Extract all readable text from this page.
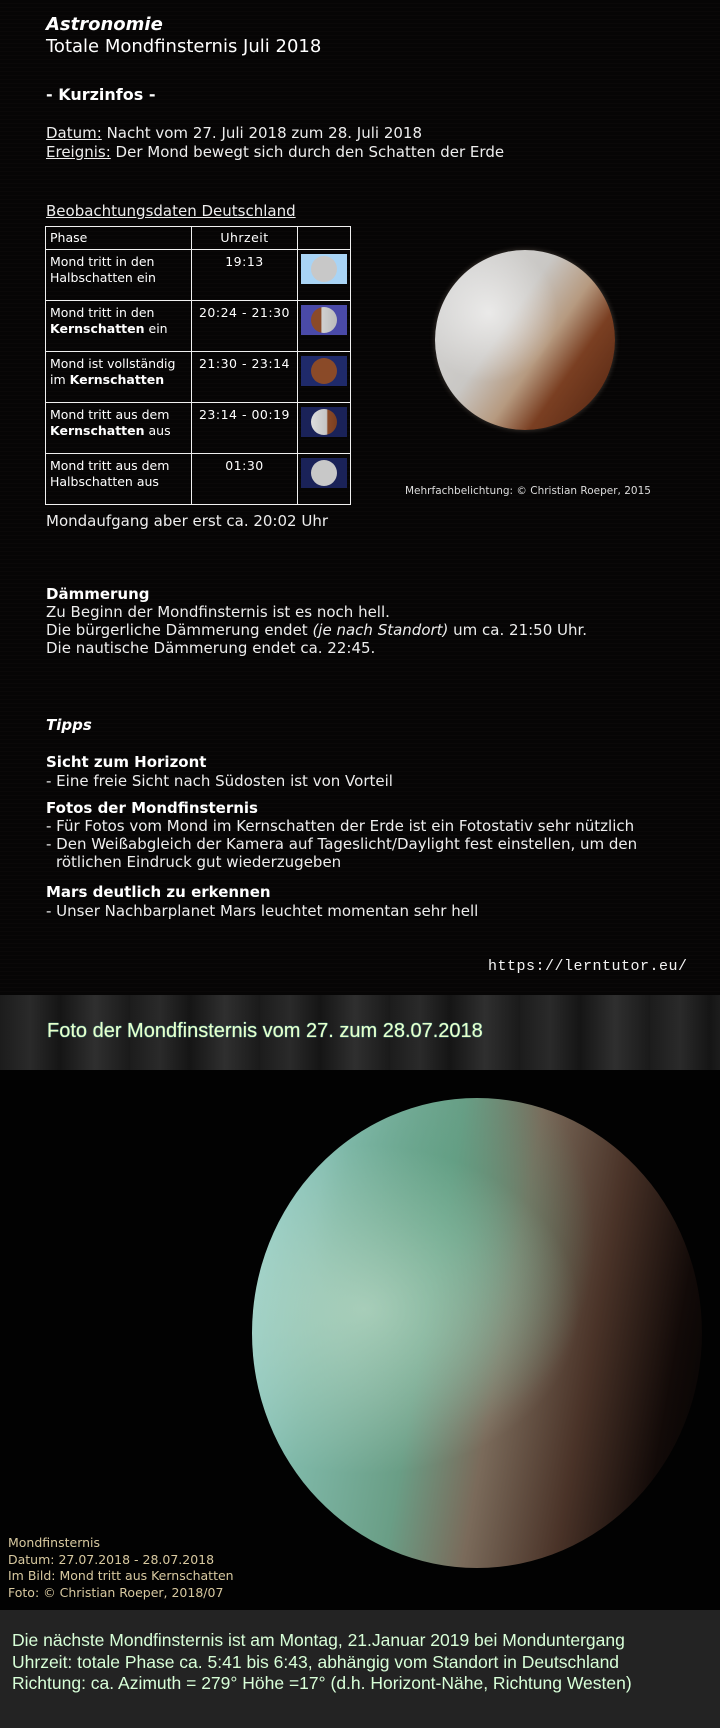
Astronomie
Totale Mondfinsternis Juli 2018
- Kurzinfos -
Datum: Nacht vom 27. Juli 2018 zum 28. Juli 2018
Ereignis: Der Mond bewegt sich durch den Schatten der Erde
Beobachtungsdaten Deutschland
Phase	Uhrzeit	

Mond tritt in den
Halbschatten ein	19:13	

Mond tritt in den
Kernschatten ein	20:24 - 21:30	

Mond ist vollständig
im Kernschatten	21:30 - 23:14	

Mond tritt aus dem
Kernschatten aus	23:14 - 00:19	

Mond tritt aus dem
Halbschatten aus	01:30	
Mondaufgang aber erst ca. 20:02 Uhr
Mehrfachbelichtung: © Christian Roeper, 2015
Dämmerung
Zu Beginn der Mondfinsternis ist es noch hell.
Die bürgerliche Dämmerung endet (je nach Standort) um ca. 21:50 Uhr.
Die nautische Dämmerung endet ca. 22:45.
Tipps
Sicht zum Horizont
- Eine freie Sicht nach Südosten ist von Vorteil
Fotos der Mondfinsternis
- Für Fotos vom Mond im Kernschatten der Erde ist ein Fotostativ sehr nützlich
- Den Weißabgleich der Kamera auf Tageslicht/Daylight fest einstellen, um den
rötlichen Eindruck gut wiederzugeben
Mars deutlich zu erkennen
- Unser Nachbarplanet Mars leuchtet momentan sehr hell
https://lerntutor.eu/
Foto der Mondfinsternis vom 27. zum 28.07.2018
Mondfinsternis
Datum: 27.07.2018 - 28.07.2018
Im Bild: Mond tritt aus Kernschatten
Foto: © Christian Roeper, 2018/07
Die nächste Mondfinsternis ist am Montag, 21.Januar 2019 bei Monduntergang
Uhrzeit: totale Phase ca. 5:41 bis 6:43, abhängig vom Standort in Deutschland
Richtung: ca. Azimuth = 279° Höhe =17° (d.h. Horizont-Nähe, Richtung Westen)
